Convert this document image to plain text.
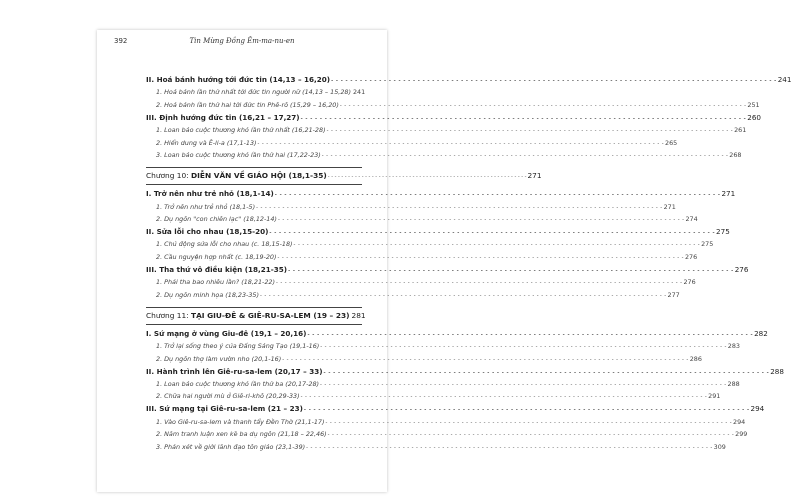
392	Tin Mừng Đồng Êm-ma-nu-en
II. Hoá bánh hướng tới đức tin (14,13 – 16,20) - - -	241
1. Hoá bánh lần thứ nhất tới đức tin người nữ (14,13 – 15,28) 241
2. Hoá bánh lần thứ hai tới đức tin Phê-rô (15,29 – 16,20) - - -	251
III. Định hướng đức tin (16,21 – 17,27) - - -	260
1. Loan báo cuộc thương khó lần thứ nhất (16,21-28) - - -	261
2. Hiển dung và Ê-li-a (17,1-13) - - -	265
3. Loan báo cuộc thương khó lần thứ hai (17,22-23) - - -	268
Chương 10: DIỄN VĂN VỀ GIÁO HỘI (18,1-35) - - -	271
I. Trở nên như trẻ nhỏ (18,1-14) - - -	271
1. Trở nên như trẻ nhỏ (18,1-5) - - -	271
2. Dụ ngôn "con chiên lạc" (18,12-14) - - -	274
II. Sửa lỗi cho nhau (18,15-20) - - -	275
1. Chủ động sửa lỗi cho nhau (c. 18,15-18) - - -	275
2. Cầu nguyện hợp nhất (c. 18,19-20) - - -	276
III. Tha thứ vô điều kiện (18,21-35) - - -	276
1. Phải tha bao nhiêu lần? (18,21-22) - - -	276
2. Dụ ngôn minh họa (18,23-35) - - -	277
Chương 11: TẠI GIU-ĐÊ & GIÊ-RU-SA-LEM (19 – 23) 281
I. Sứ mạng ở vùng Giu-đê (19,1 – 20,16) - - -	282
1. Trở lại sống theo ý của Đấng Sáng Tạo (19,1-16) - - -	283
2. Dụ ngôn thợ làm vườn nho (20,1-16) - - -	286
II. Hành trình lên Giê-ru-sa-lem (20,17 – 33) - - -	288
1. Loan báo cuộc thương khó lần thứ ba (20,17-28) - - -	288
2. Chữa hai người mù ở Giê-ri-khô (20,29-33) - - -	291
III. Sứ mạng tại Giê-ru-sa-lem (21 – 23) - - -	294
1. Vào Giê-ru-sa-lem và thanh tẩy Đền Thờ (21,1-17) - - -	294
2. Năm tranh luận xen kẽ ba dụ ngôn (21,18 – 22,46) - - -	299
3. Phán xét về giới lãnh đạo tôn giáo (23,1-39) - - -	309
